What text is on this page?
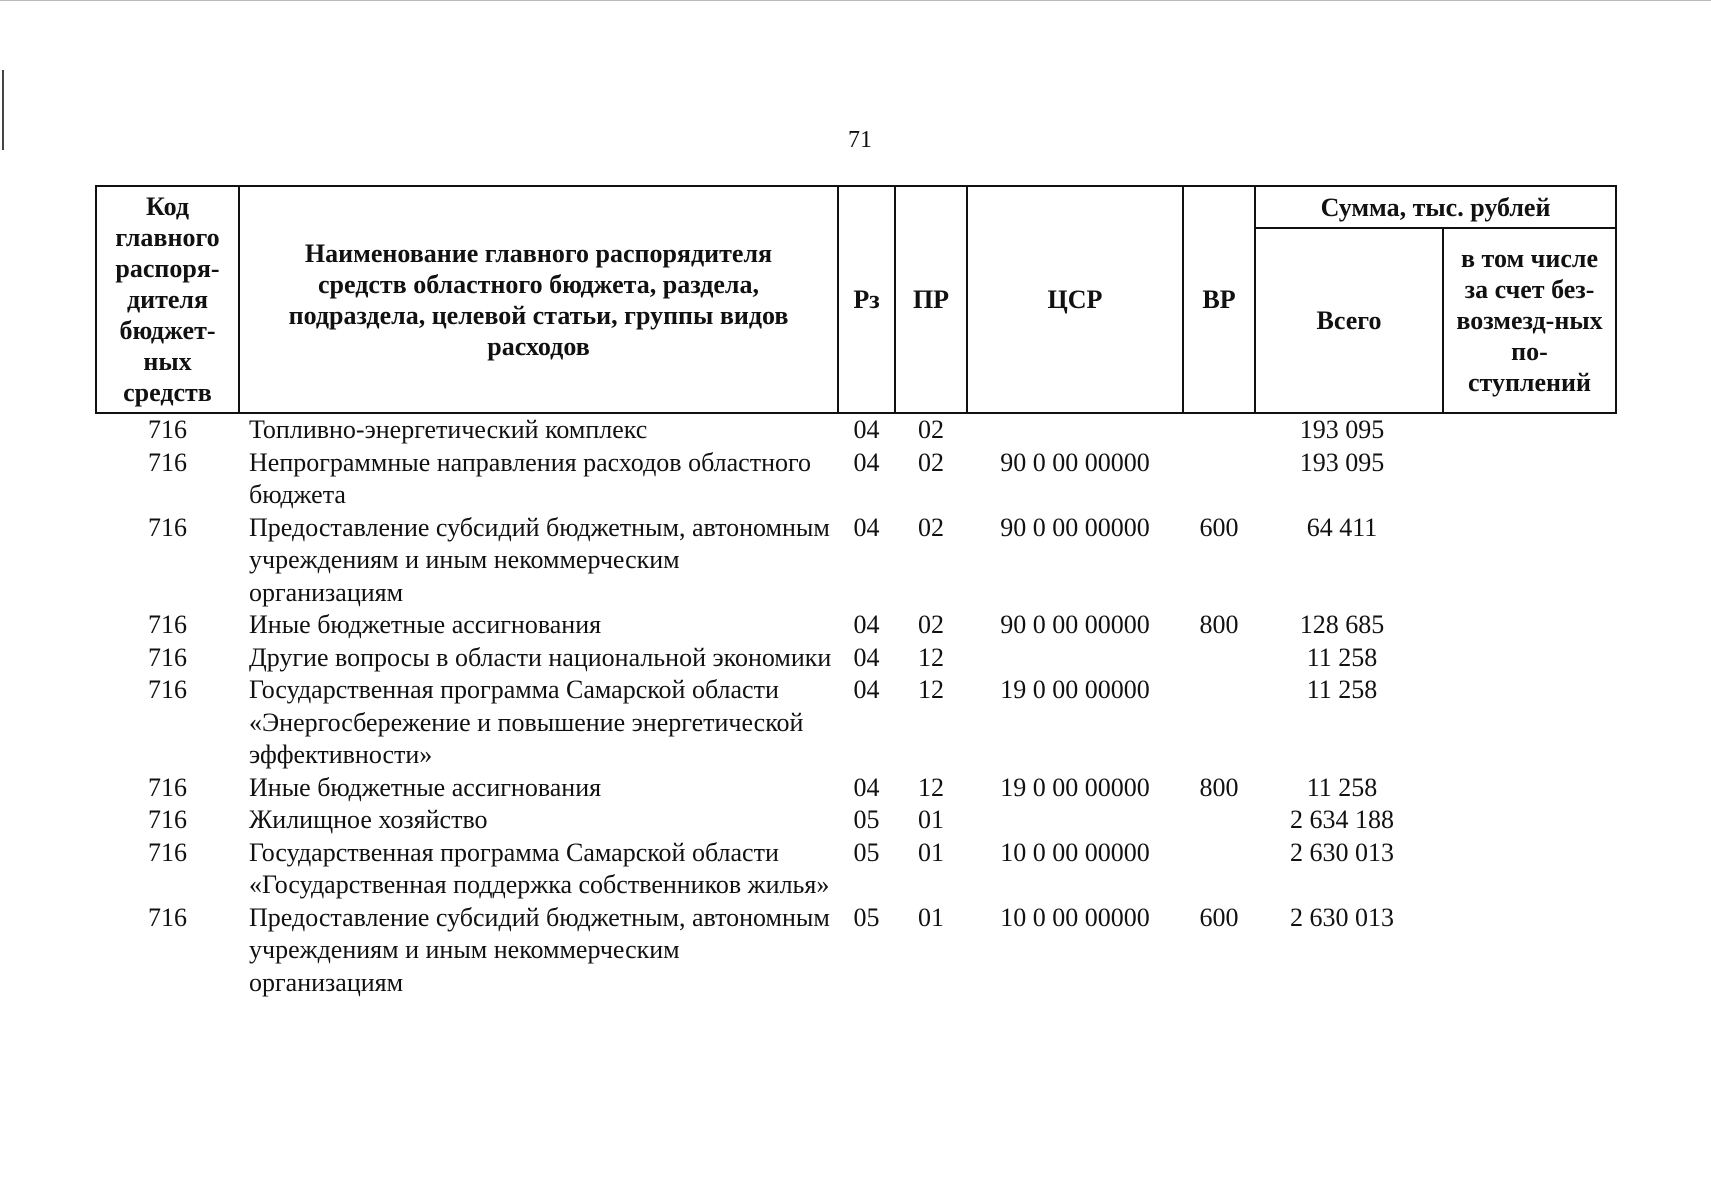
71
Код главного распоря-дителя бюджет-ных средств	Наименование главного распорядителя средств областного бюджета, раздела, подраздела, целевой статьи, группы видов расходов	Рз	ПР	ЦСР	ВР	Сумма, тыс. рублей	
						Всего	в том числе за счет без-возмезд-ных по-ступлений
716	Топливно-энергетический комплекс	04	02			193 095	
716	Непрограммные направления расходов областного бюджета	04	02	90 0 00 00000		193 095	
716	Предоставление субсидий бюджетным, автономным учреждениям и иным некоммерческим организациям	04	02	90 0 00 00000	600	64 411	
716	Иные бюджетные ассигнования	04	02	90 0 00 00000	800	128 685	
716	Другие вопросы в области национальной экономики	04	12			11 258	
716	Государственная программа Самарской области «Энергосбережение и повышение энергетической эффективности»	04	12	19 0 00 00000		11 258	
716	Иные бюджетные ассигнования	04	12	19 0 00 00000	800	11 258	
716	Жилищное хозяйство	05	01			2 634 188	
716	Государственная программа Самарской области «Государственная поддержка собственников жилья»	05	01	10 0 00 00000		2 630 013	
716	Предоставление субсидий бюджетным, автономным учреждениям и иным некоммерческим организациям	05	01	10 0 00 00000	600	2 630 013	
